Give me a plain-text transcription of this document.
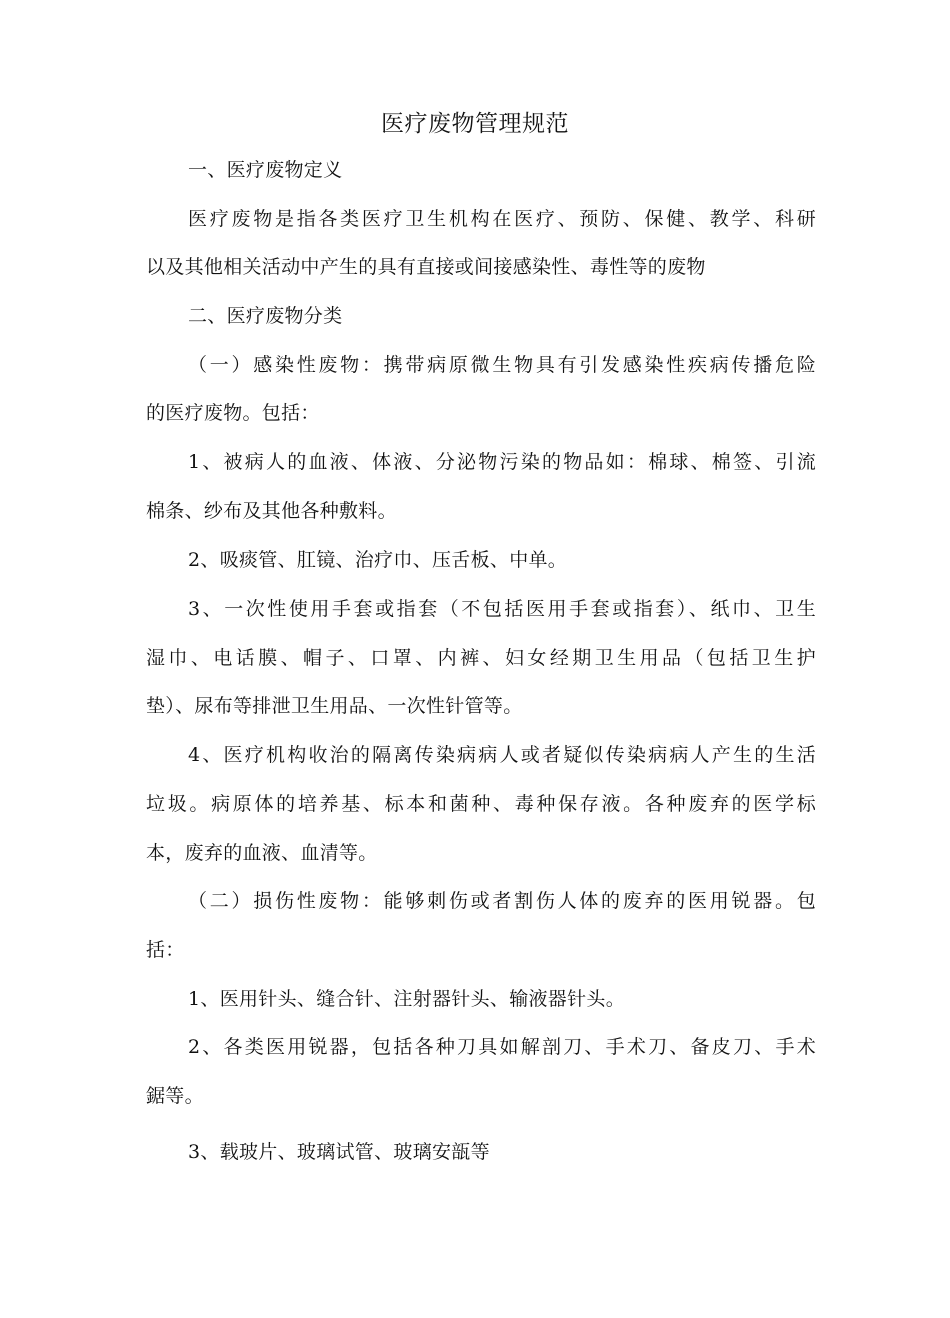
医疗废物管理规范
一、医疗废物定义
医疗废物是指各类医疗卫生机构在医疗、预防、保健、教学、科研
以及其他相关活动中产生的具有直接或间接感染性、毒性等的废物
二、医疗废物分类
（一）感染性废物：携带病原微生物具有引发感染性疾病传播危险
的医疗废物。包括：
1、被病人的血液、体液、分泌物污染的物品如：棉球、棉签、引流
棉条、纱布及其他各种敷料。
2、吸痰管、肛镜、治疗巾、压舌板、中单。
3、一次性使用手套或指套（不包括医用手套或指套）、纸巾、卫生
湿巾、电话膜、帽子、口罩、内裤、妇女经期卫生用品（包括卫生护
垫）、尿布等排泄卫生用品、一次性针管等。
4、医疗机构收治的隔离传染病病人或者疑似传染病病人产生的生活
垃圾。病原体的培养基、标本和菌种、毒种保存液。各种废弃的医学标
本，废弃的血液、血清等。
（二）损伤性废物：能够刺伤或者割伤人体的废弃的医用锐器。包
括：
1、医用针头、缝合针、注射器针头、输液器针头。
2、各类医用锐器，包括各种刀具如解剖刀、手术刀、备皮刀、手术
鋸等。
3、载玻片、玻璃试管、玻璃安瓿等
